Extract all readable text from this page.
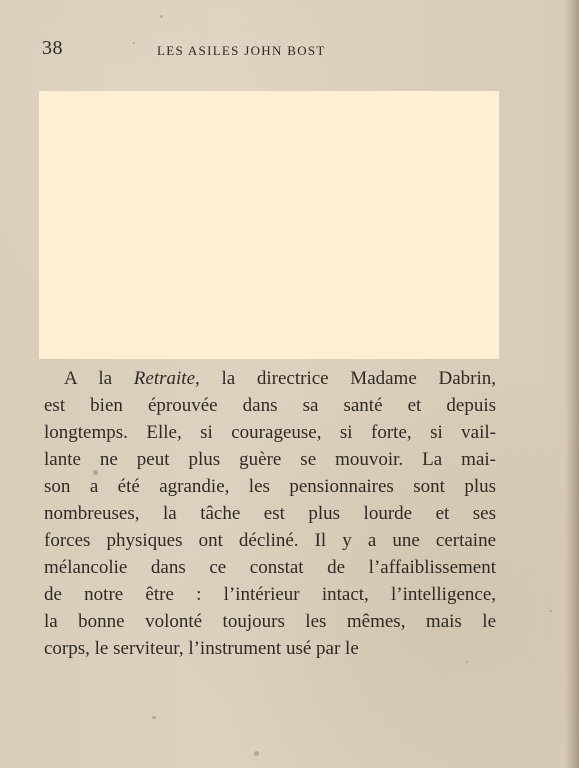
38	LES ASILES JOHN BOST
A la Retraite, la directrice Madame Dabrin,
est bien éprouvée dans sa santé et depuis
longtemps. Elle, si courageuse, si forte, si vail-
lante ne peut plus guère se mouvoir. La mai-
son a été agrandie, les pensionnaires sont plus
nombreuses, la tâche est plus lourde et ses
forces physiques ont décliné. Il y a une certaine
mélancolie dans ce constat de l’affaiblissement
de notre être : l’intérieur intact, l’intelligence,
la bonne volonté toujours les mêmes, mais le
corps, le serviteur, l’instrument usé par le
